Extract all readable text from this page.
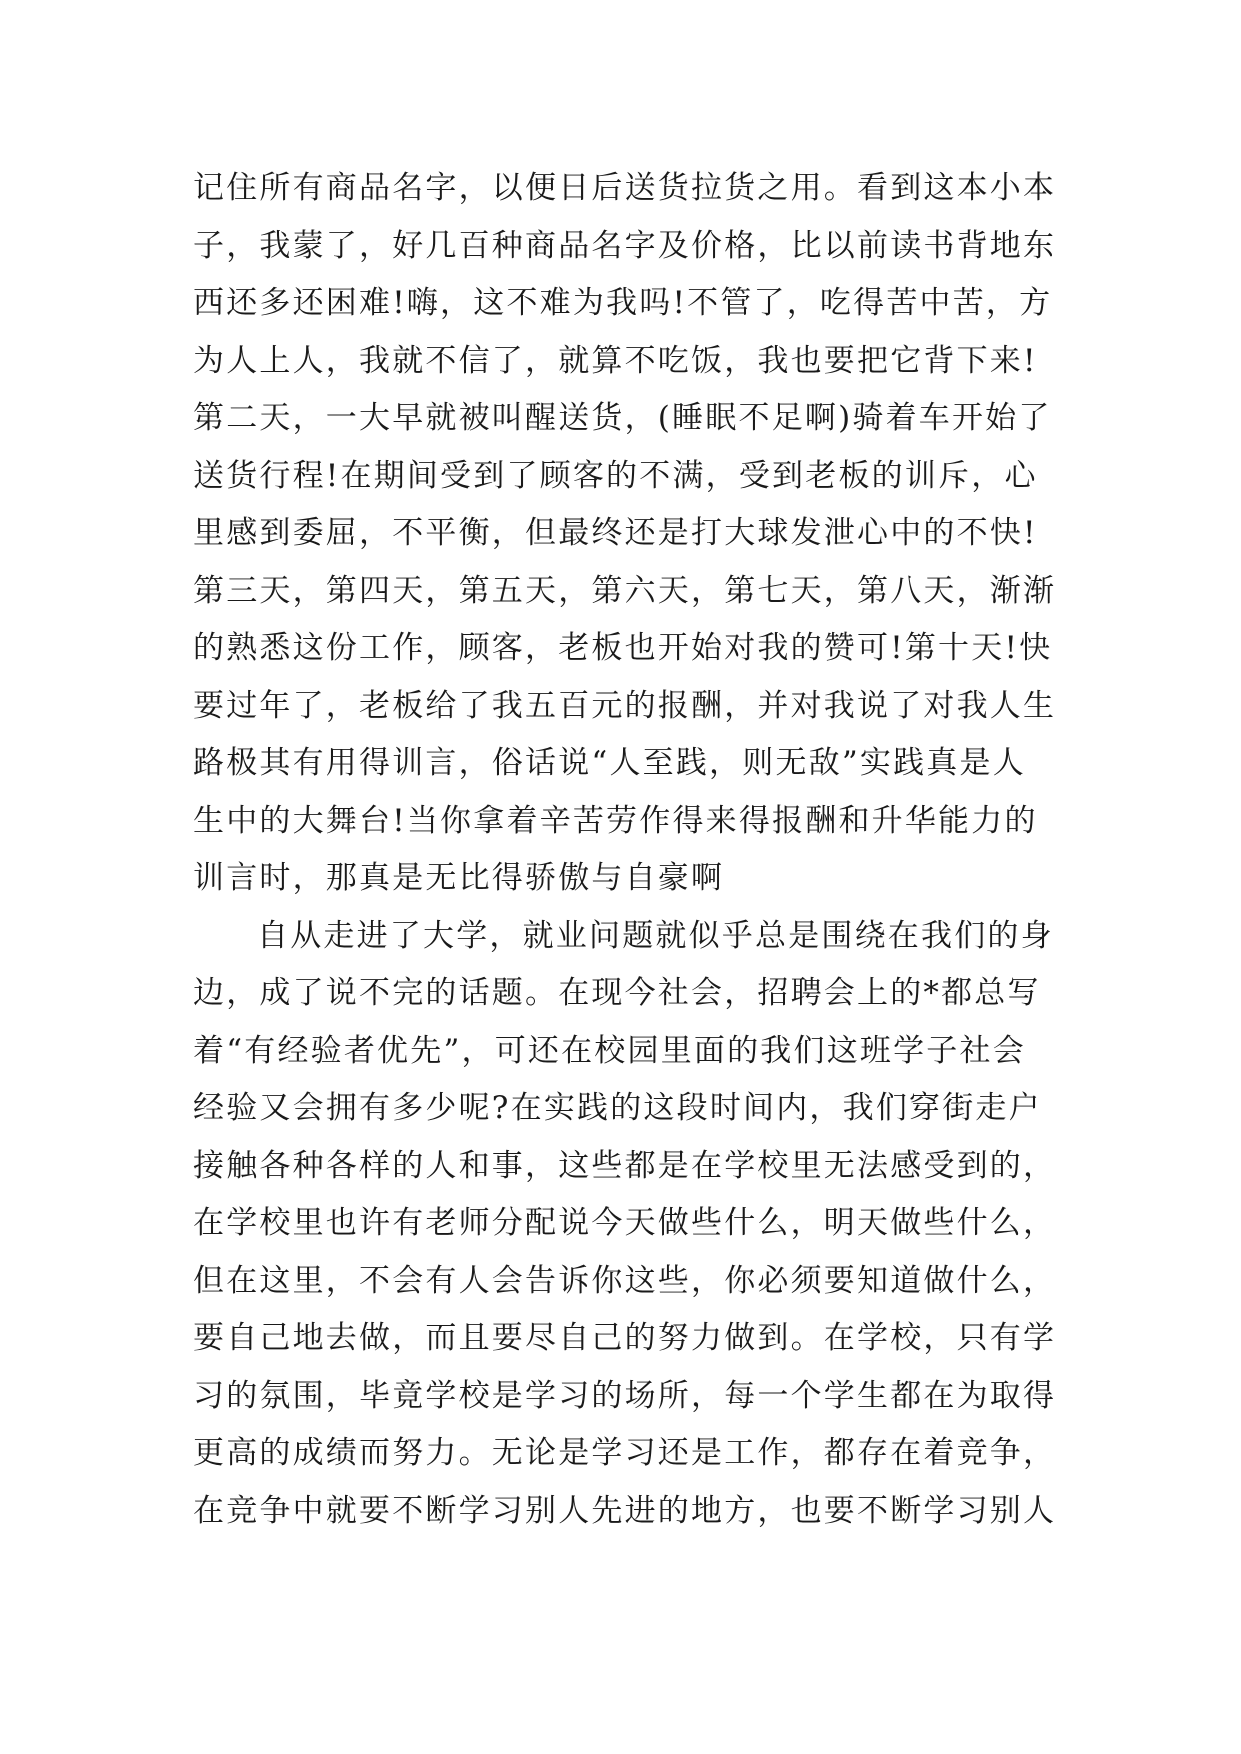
记住所有商品名字，以便日后送货拉货之用。看到这本小本
子，我蒙了，好几百种商品名字及价格，比以前读书背地东
西还多还困难!嗨，这不难为我吗!不管了，吃得苦中苦，方
为人上人，我就不信了，就算不吃饭，我也要把它背下来!
第二天，一大早就被叫醒送货，(睡眠不足啊)骑着车开始了
送货行程!在期间受到了顾客的不满，受到老板的训斥，心
里感到委屈，不平衡，但最终还是打大球发泄心中的不快!
第三天，第四天，第五天，第六天，第七天，第八天，渐渐
的熟悉这份工作，顾客，老板也开始对我的赞可!第十天!快
要过年了，老板给了我五百元的报酬，并对我说了对我人生
路极其有用得训言，俗话说“人至践，则无敌”实践真是人
生中的大舞台!当你拿着辛苦劳作得来得报酬和升华能力的
训言时，那真是无比得骄傲与自豪啊
自从走进了大学，就业问题就似乎总是围绕在我们的身
边，成了说不完的话题。在现今社会，招聘会上的*都总写
着“有经验者优先”，可还在校园里面的我们这班学子社会
经验又会拥有多少呢?在实践的这段时间内，我们穿街走户
接触各种各样的人和事，这些都是在学校里无法感受到的，
在学校里也许有老师分配说今天做些什么，明天做些什么，
但在这里，不会有人会告诉你这些，你必须要知道做什么，
要自己地去做，而且要尽自己的努力做到。在学校，只有学
习的氛围，毕竟学校是学习的场所，每一个学生都在为取得
更高的成绩而努力。无论是学习还是工作，都存在着竞争，
在竞争中就要不断学习别人先进的地方，也要不断学习别人
